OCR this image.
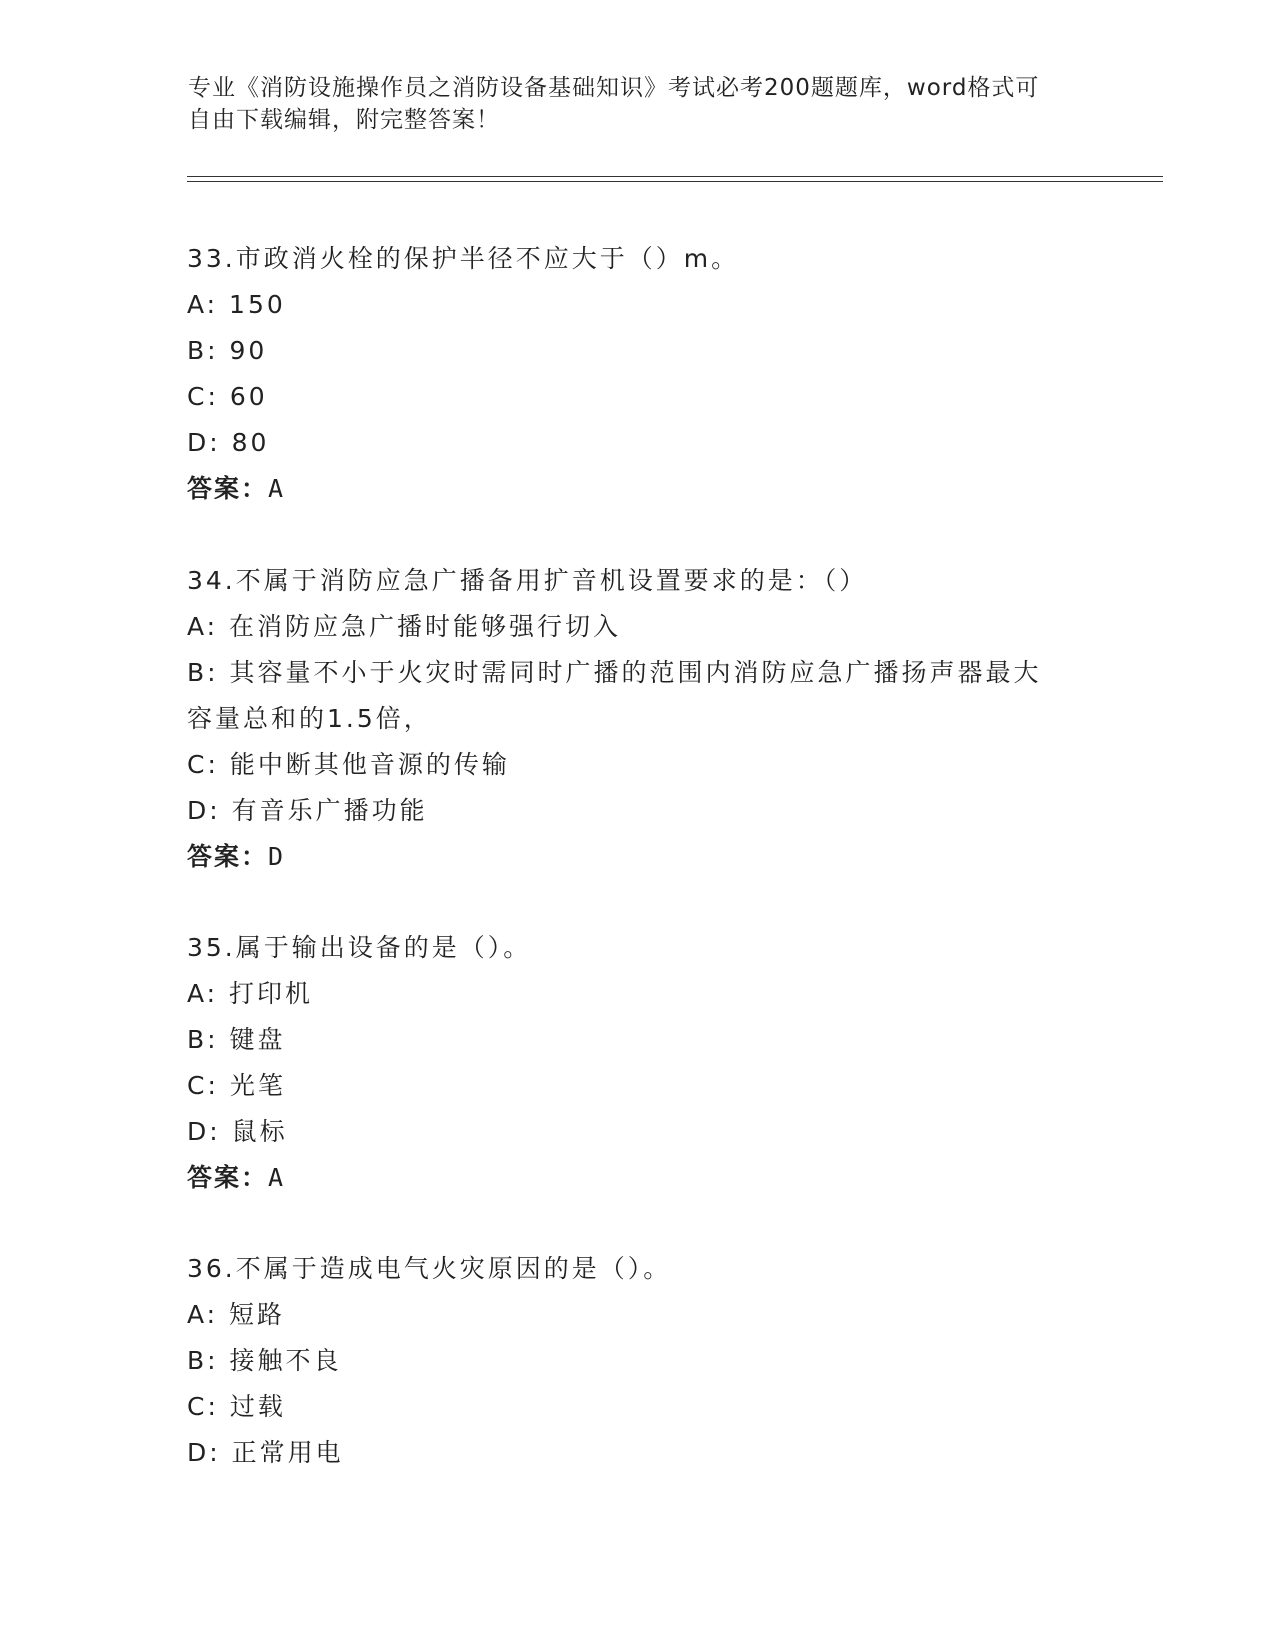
专业《消防设施操作员之消防设备基础知识》考试必考200题题库，word格式可
自由下载编辑，附完整答案！
33.市政消火栓的保护半径不应大于（）m。
A: 150
B: 90
C: 60
D: 80
答案：A
34.不属于消防应急广播备用扩音机设置要求的是：（）
A: 在消防应急广播时能够强行切入
B: 其容量不小于火灾时需同时广播的范围内消防应急广播扬声器最大容量总和的1.5倍，
C: 能中断其他音源的传输
D: 有音乐广播功能
答案：D
35.属于输出设备的是（）。
A: 打印机
B: 键盘
C: 光笔
D: 鼠标
答案：A
36.不属于造成电气火灾原因的是（）。
A: 短路
B: 接触不良
C: 过载
D: 正常用电
